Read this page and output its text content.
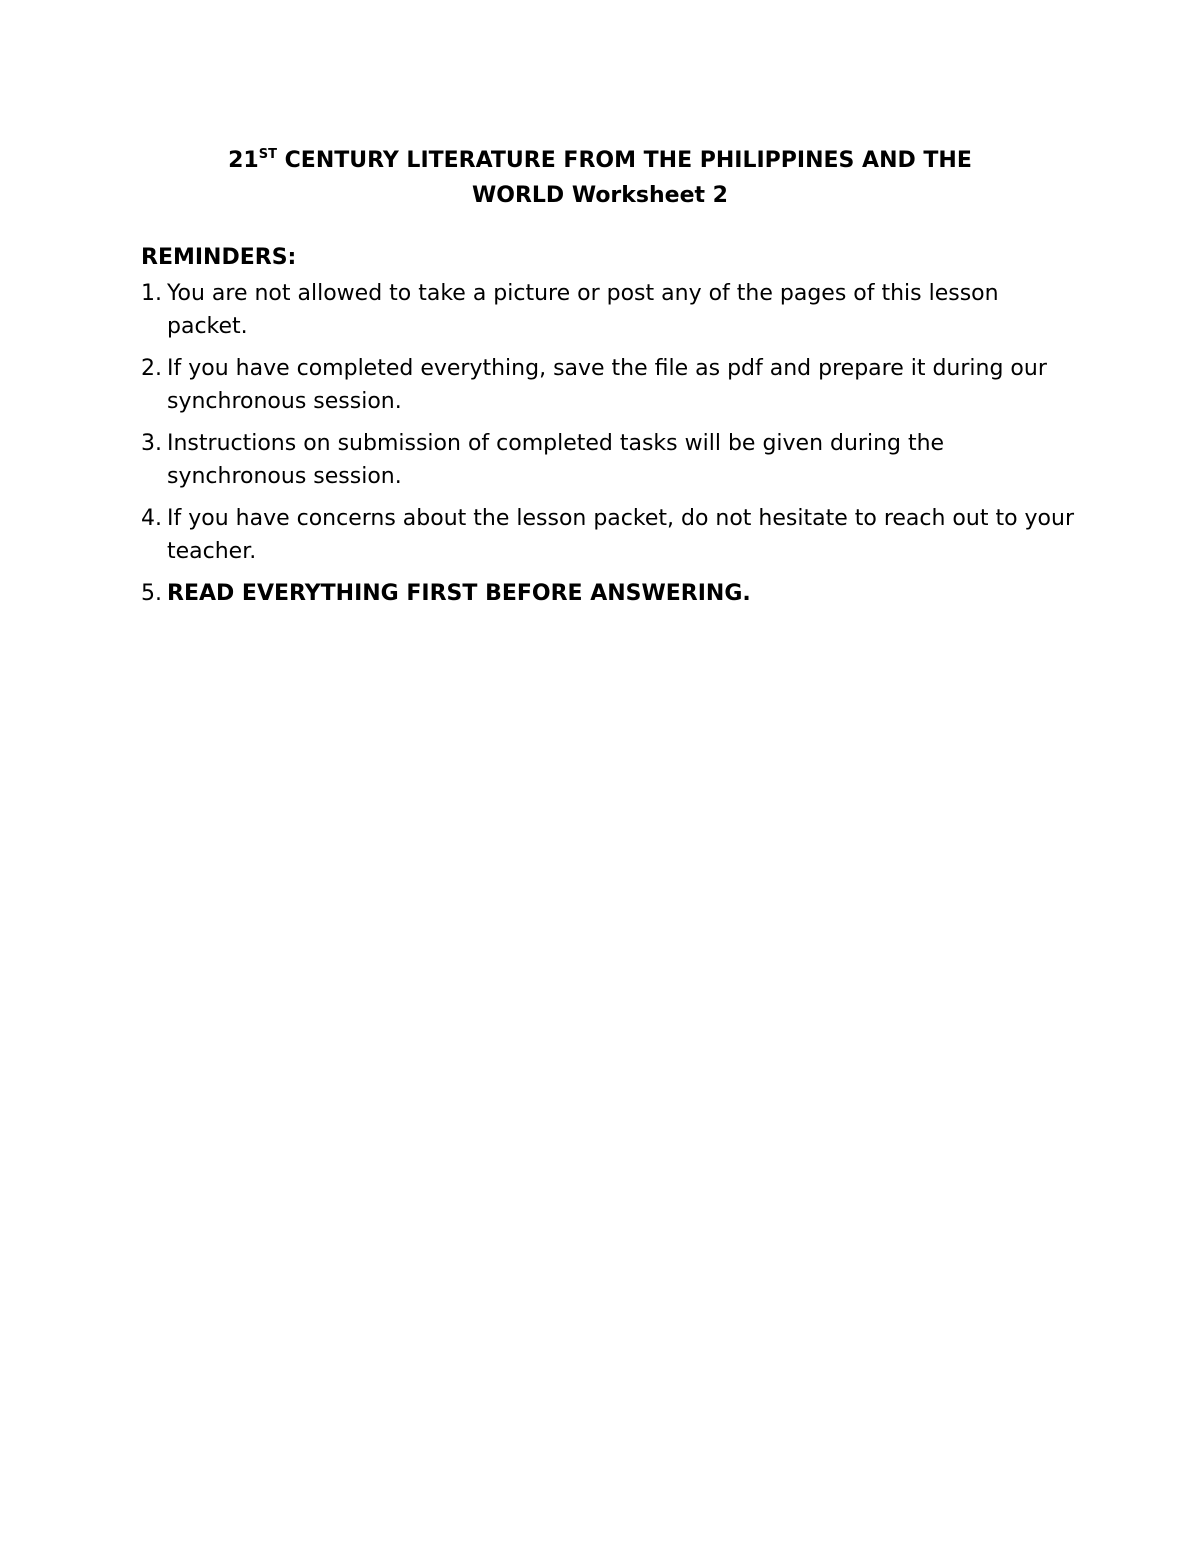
21ST CENTURY LITERATURE FROM THE PHILIPPINES AND THE
WORLD Worksheet 2
REMINDERS:
1. You are not allowed to take a picture or post any of the pages of this lesson packet.
2. If you have completed everything, save the file as pdf and prepare it during our synchronous session.
3. Instructions on submission of completed tasks will be given during the synchronous session.
4. If you have concerns about the lesson packet, do not hesitate to reach out to your teacher.
5. READ EVERYTHING FIRST BEFORE ANSWERING.
